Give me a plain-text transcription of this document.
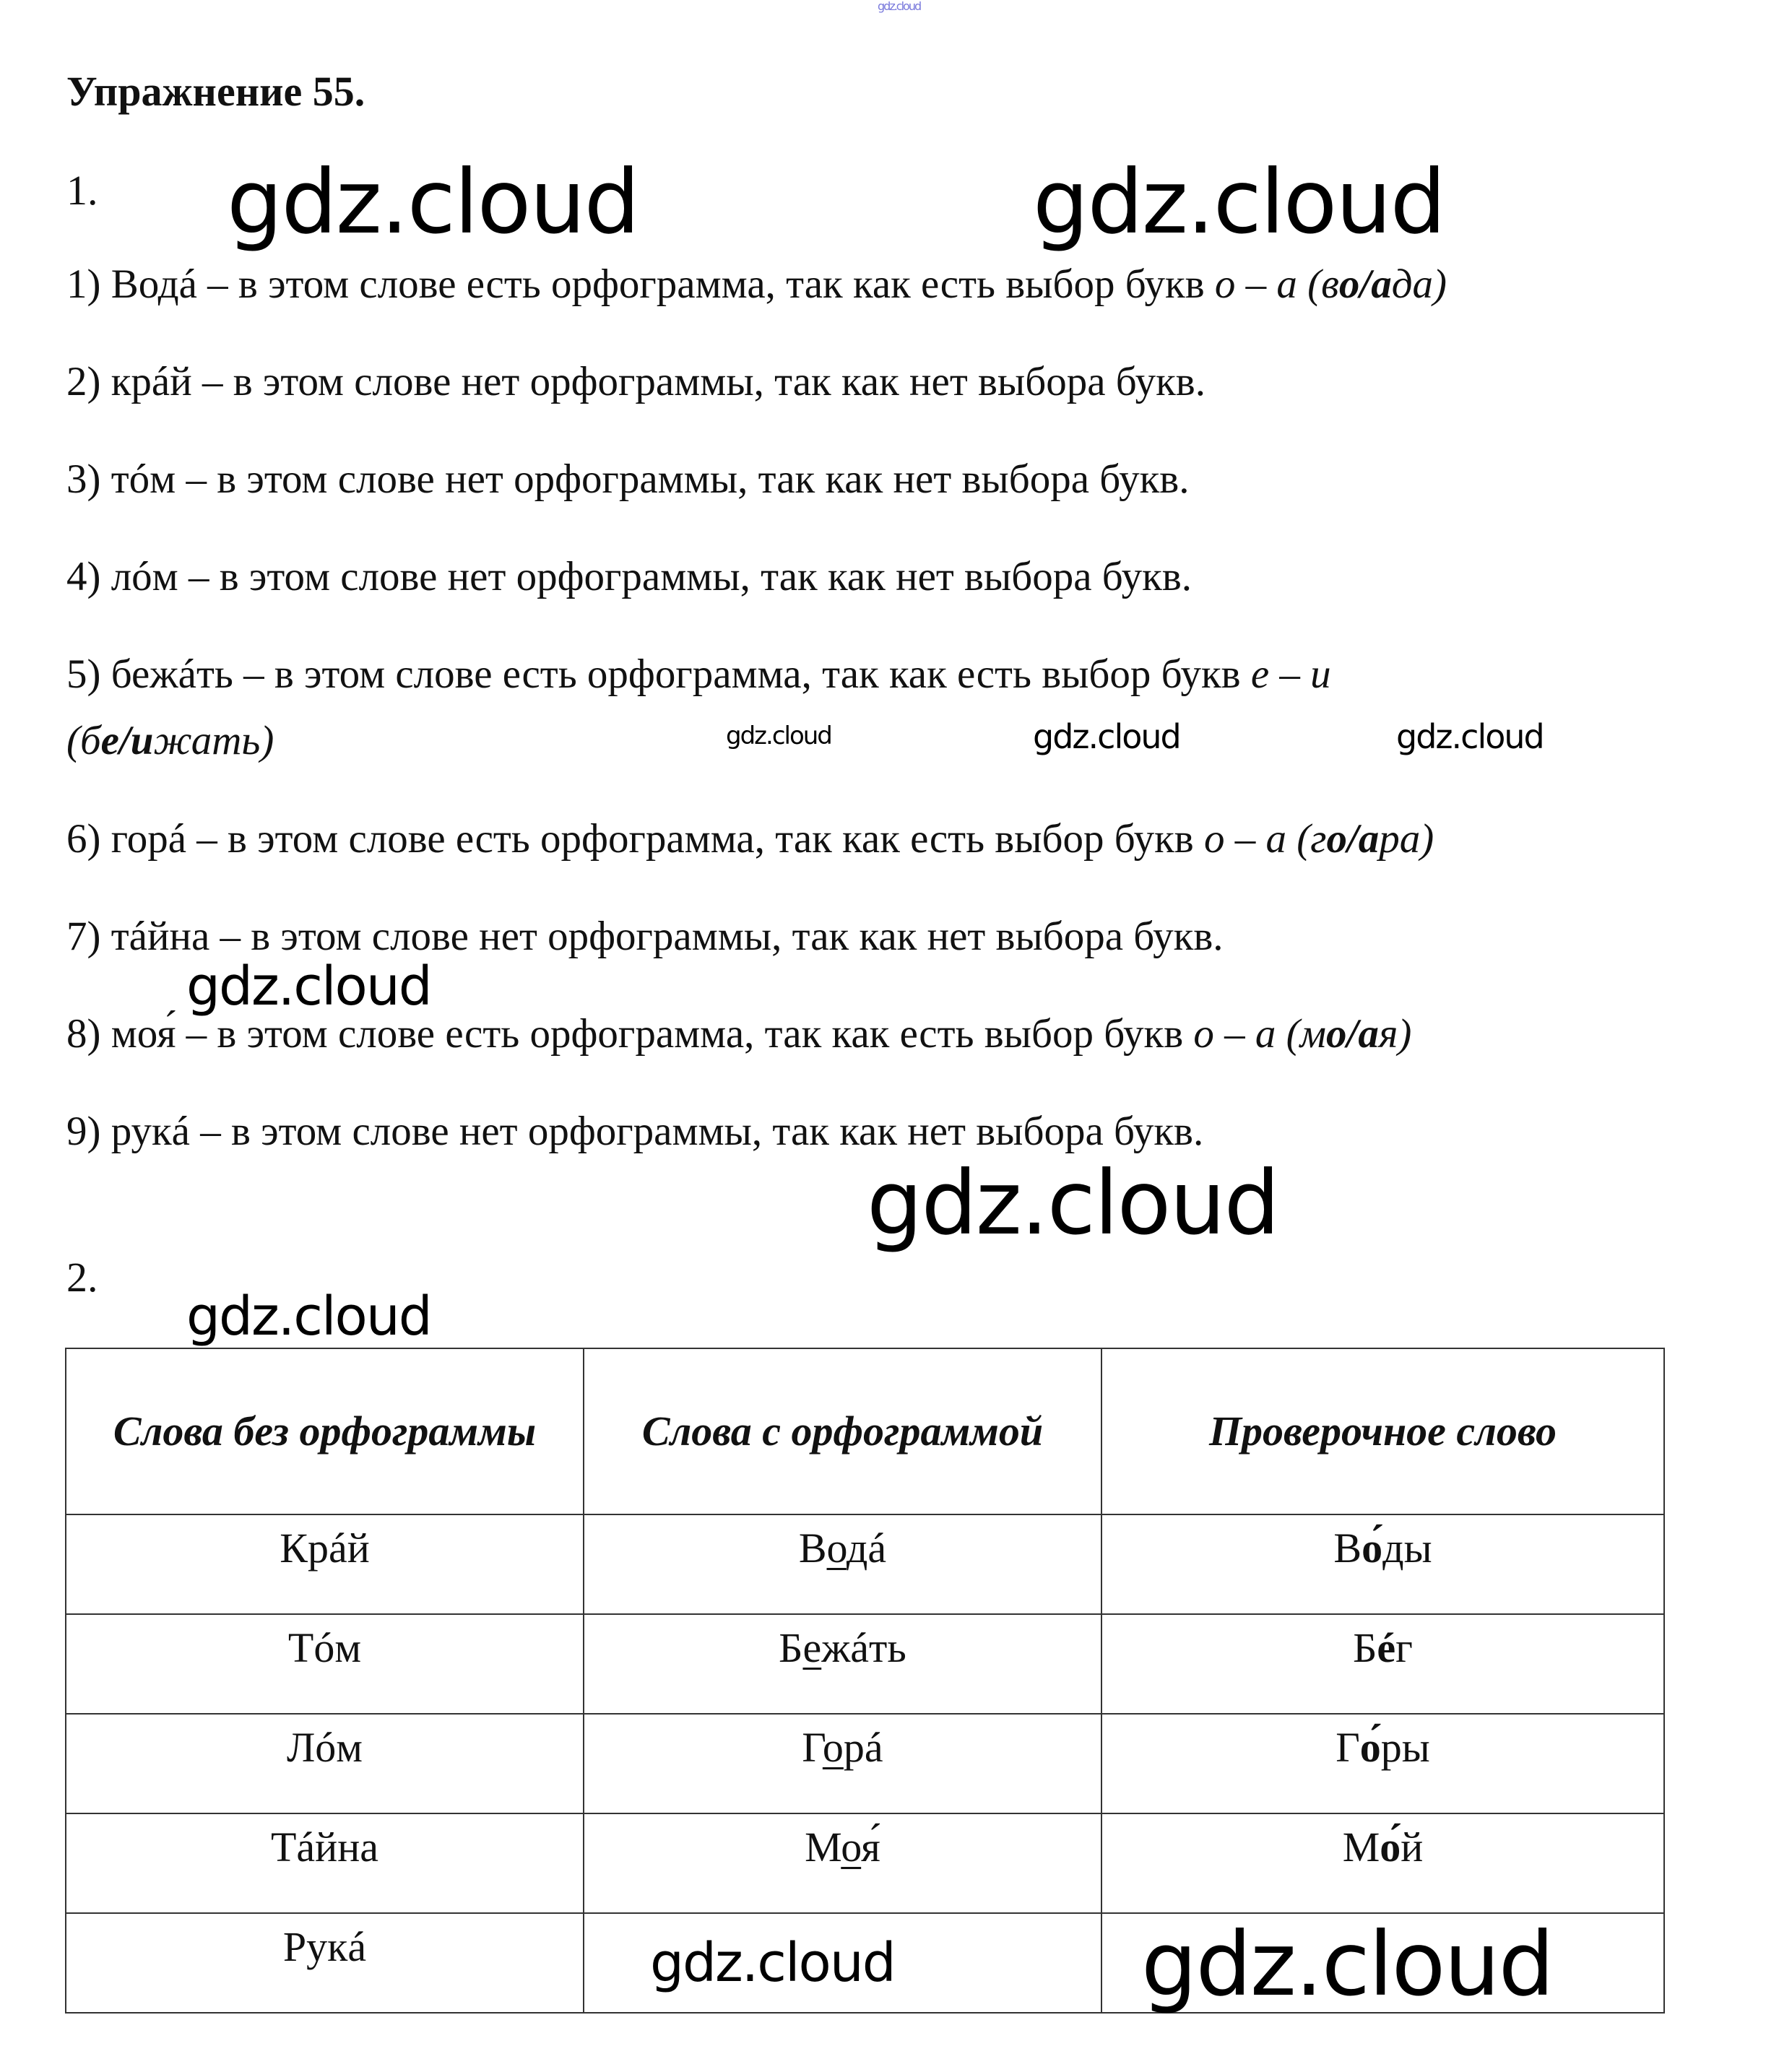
gdz.cloud
Упражнение 55.
1.
1) Водá – в этом слове есть орфограмма, так как есть выбор букв о – а (во/ада)
2) крáй – в этом слове нет орфограммы, так как нет выбора букв.
3) тóм – в этом слове нет орфограммы, так как нет выбора букв.
4) лóм – в этом слове нет орфограммы, так как нет выбора букв.
5) бежáть – в этом слове есть орфограмма, так как есть выбор букв е – и
(бе/ижать)
6) горá – в этом слове есть орфограмма, так как есть выбор букв о – а (го/ара)
7) тáйна – в этом слове нет орфограммы, так как нет выбора букв.
8) моя́ – в этом слове есть орфограмма, так как есть выбор букв о – а (мо/ая)
9) рукá – в этом слове нет орфограммы, так как нет выбора букв.
2.
Слова без орфограммы	Слова с орфограммой	Проверочное слово
Крáй	Водá	Во́ды
Тóм	Бежáть	Бéг
Лóм	Горá	Го́ры
Тáйна	Моя́	Мо́й
Рукá		
gdz.cloud	gdz.cloud
gdz.cloud	gdz.cloud	gdz.cloud
gdz.cloud
gdz.cloud
gdz.cloud
gdz.cloud	gdz.cloud
